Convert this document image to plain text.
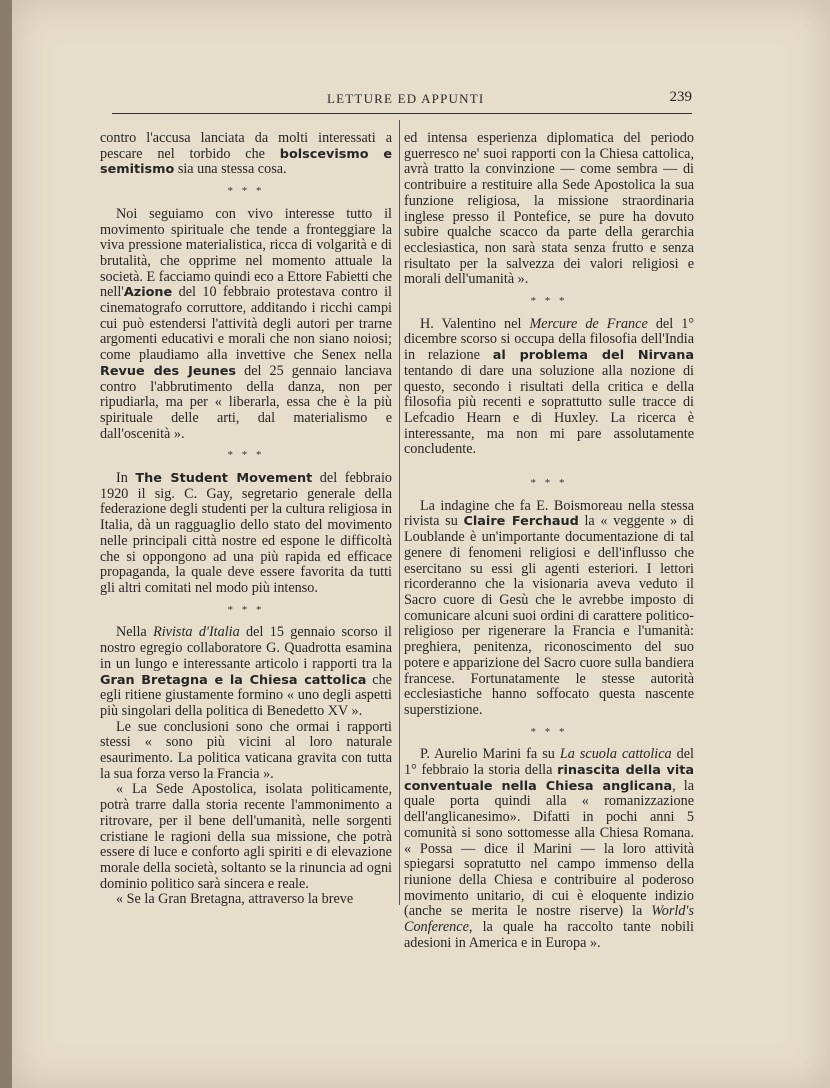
LETTURE ED APPUNTI	239

contro l'accusa lanciata da molti interessati a pescare nel torbido che bolscevismo e semitismo sia una stessa cosa.

* * *

Noi seguiamo con vivo interesse tutto il movimento spirituale che tende a fronteggiare la viva pressione materialistica, ricca di volgarità e di brutalità, che opprime nel momento attuale la società. E facciamo quindi eco a Ettore Fabietti che nell'Azione del 10 febbraio protestava contro il cinematografo corruttore, additando i ricchi campi cui può estendersi l'attività degli autori per trarne argomenti educativi e morali che non siano noiosi; come plaudiamo alla invettive che Senex nella Revue des Jeunes del 25 gennaio lanciava contro l'abbrutimento della danza, non per ripudiarla, ma per « liberarla, essa che è la più spirituale delle arti, dal materialismo e dall'oscenità ».

* * *

In The Student Movement del febbraio 1920 il sig. C. Gay, segretario generale della federazione degli studenti per la cultura religiosa in Italia, dà un ragguaglio dello stato del movimento nelle principali città nostre ed espone le difficoltà che si oppongono ad una più rapida ed efficace propaganda, la quale deve essere favorita da tutti gli altri comitati nel modo più intenso.

* * *

Nella Rivista d'Italia del 15 gennaio scorso il nostro egregio collaboratore G. Quadrotta esamina in un lungo e interessante articolo i rapporti tra la Gran Bretagna e la Chiesa cattolica che egli ritiene giustamente formino « uno degli aspetti più singolari della politica di Benedetto XV ».

Le sue conclusioni sono che ormai i rapporti stessi « sono più vicini al loro naturale esaurimento. La politica vaticana gravita con tutta la sua forza verso la Francia ».

« La Sede Apostolica, isolata politicamente, potrà trarre dalla storia recente l'ammonimento a ritrovare, per il bene dell'umanità, nelle sorgenti cristiane le ragioni della sua missione, che potrà essere di luce e conforto agli spiriti e di elevazione morale della società, soltanto se la rinuncia ad ogni dominio politico sarà sincera e reale.

« Se la Gran Bretagna, attraverso la breve

ed intensa esperienza diplomatica del periodo guerresco ne' suoi rapporti con la Chiesa cattolica, avrà tratto la convinzione — come sembra — di contribuire a restituire alla Sede Apostolica la sua funzione religiosa, la missione straordinaria inglese presso il Pontefice, se pure ha dovuto subire qualche scacco da parte della gerarchia ecclesiastica, non sarà stata senza frutto e senza risultato per la salvezza dei valori religiosi e morali dell'umanità ».

* * *

H. Valentino nel Mercure de France del 1° dicembre scorso si occupa della filosofia dell'India in relazione al problema del Nirvana tentando di dare una soluzione alla nozione di questo, secondo i risultati della critica e della filosofia più recenti e soprattutto sulle tracce di Lefcadio Hearn e di Huxley. La ricerca è interessante, ma non mi pare assolutamente concludente.

* * *

La indagine che fa E. Boismoreau nella stessa rivista su Claire Ferchaud la « veggente » di Loublande è un'importante documentazione di tal genere di fenomeni religiosi e dell'influsso che esercitano su essi gli agenti esteriori. I lettori ricorderanno che la visionaria aveva veduto il Sacro cuore di Gesù che le avrebbe imposto di comunicare alcuni suoi ordini di carattere politico-religioso per rigenerare la Francia e l'umanità: preghiera, penitenza, riconoscimento del suo potere e apparizione del Sacro cuore sulla bandiera francese. Fortunatamente le stesse autorità ecclesiastiche hanno soffocato questa nascente superstizione.

* * *

P. Aurelio Marini fa su La scuola cattolica del 1° febbraio la storia della rinascita della vita conventuale nella Chiesa anglicana, la quale porta quindi alla « romanizzazione dell'anglicanesimo». Difatti in pochi anni 5 comunità si sono sottomesse alla Chiesa Romana. « Possa — dice il Marini — la loro attività spiegarsi sopratutto nel campo immenso della riunione della Chiesa e contribuire al poderoso movimento unitario, di cui è eloquente indizio (anche se merita le nostre riserve) la World's Conference, la quale ha raccolto tante nobili adesioni in America e in Europa ».
